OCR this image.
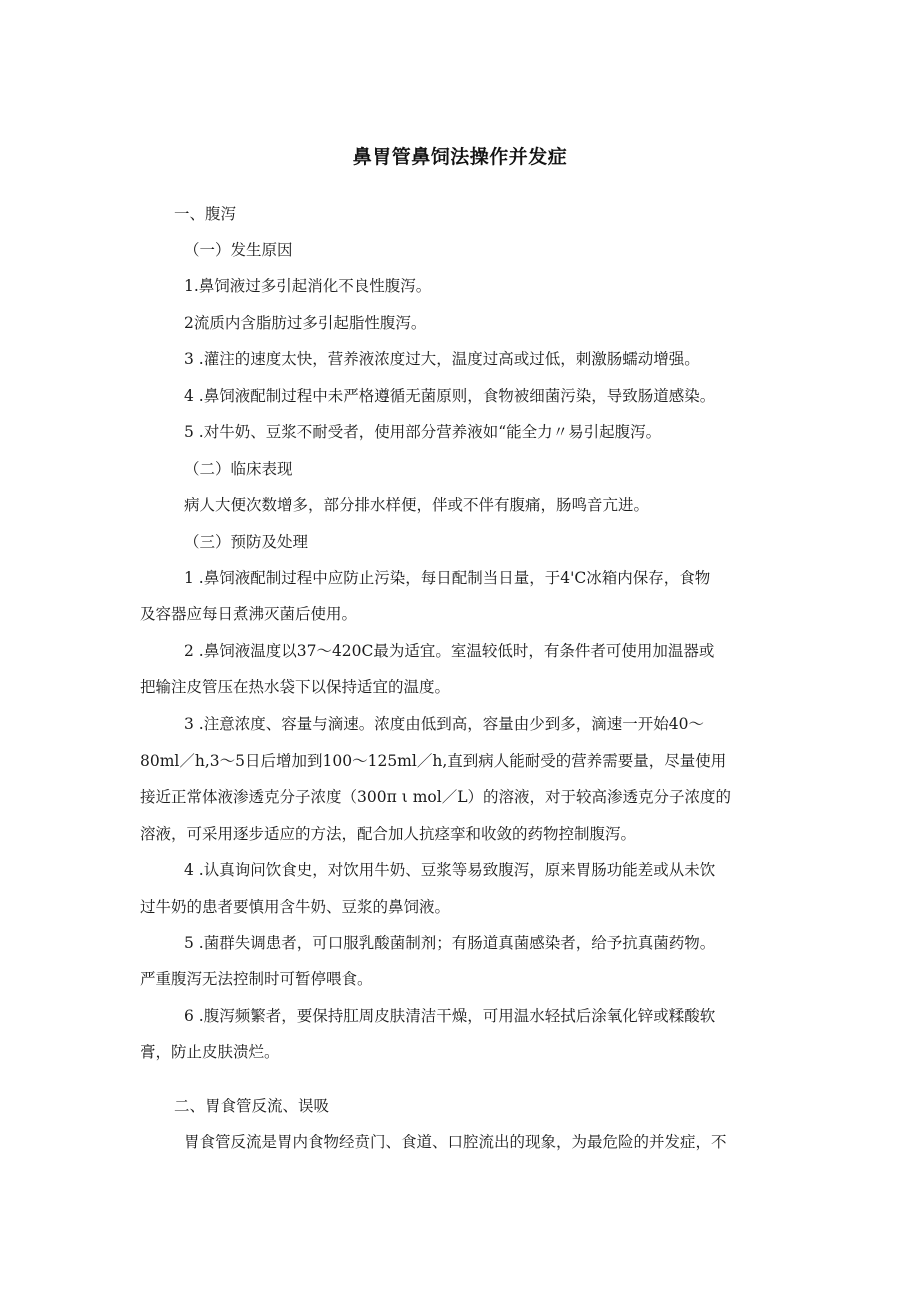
鼻胃管鼻饲法操作并发症
一、腹泻
（一）发生原因
1.鼻饲液过多引起消化不良性腹泻。
2流质内含脂肪过多引起脂性腹泻。
3 .灌注的速度太快，营养液浓度过大，温度过高或过低，刺激肠蠕动增强。
4 .鼻饲液配制过程中未严格遵循无菌原则，食物被细菌污染，导致肠道感染。
5 .对牛奶、豆浆不耐受者，使用部分营养液如“能全力〃易引起腹泻。
（二）临床表现
病人大便次数增多，部分排水样便，伴或不伴有腹痛，肠鸣音亢进。
（三）预防及处理
1 .鼻饲液配制过程中应防止污染，每日配制当日量，于4'C冰箱内保存，食物
及容器应每日煮沸灭菌后使用。
2 .鼻饲液温度以37～420C最为适宜。室温较低时，有条件者可使用加温器或
把输注皮管压在热水袋下以保持适宜的温度。
3 .注意浓度、容量与滴速。浓度由低到高，容量由少到多，滴速一开始40～
80ml／h,3～5日后增加到100～125ml／h,直到病人能耐受的营养需要量，尽量使用
接近正常体液渗透克分子浓度（300π ι mol／L）的溶液，对于较高渗透克分子浓度的
溶液，可采用逐步适应的方法，配合加人抗痉挛和收敛的药物控制腹泻。
4 .认真询问饮食史，对饮用牛奶、豆浆等易致腹泻，原来胃肠功能差或从未饮
过牛奶的患者要慎用含牛奶、豆浆的鼻饲液。
5 .菌群失调患者，可口服乳酸菌制剂；有肠道真菌感染者，给予抗真菌药物。
严重腹泻无法控制时可暂停喂食。
6 .腹泻频繁者，要保持肛周皮肤清洁干燥，可用温水轻拭后涂氧化锌或糅酸软
膏，防止皮肤溃烂。
二、胃食管反流、误吸
胃食管反流是胃内食物经贲门、食道、口腔流出的现象，为最危险的并发症，不
